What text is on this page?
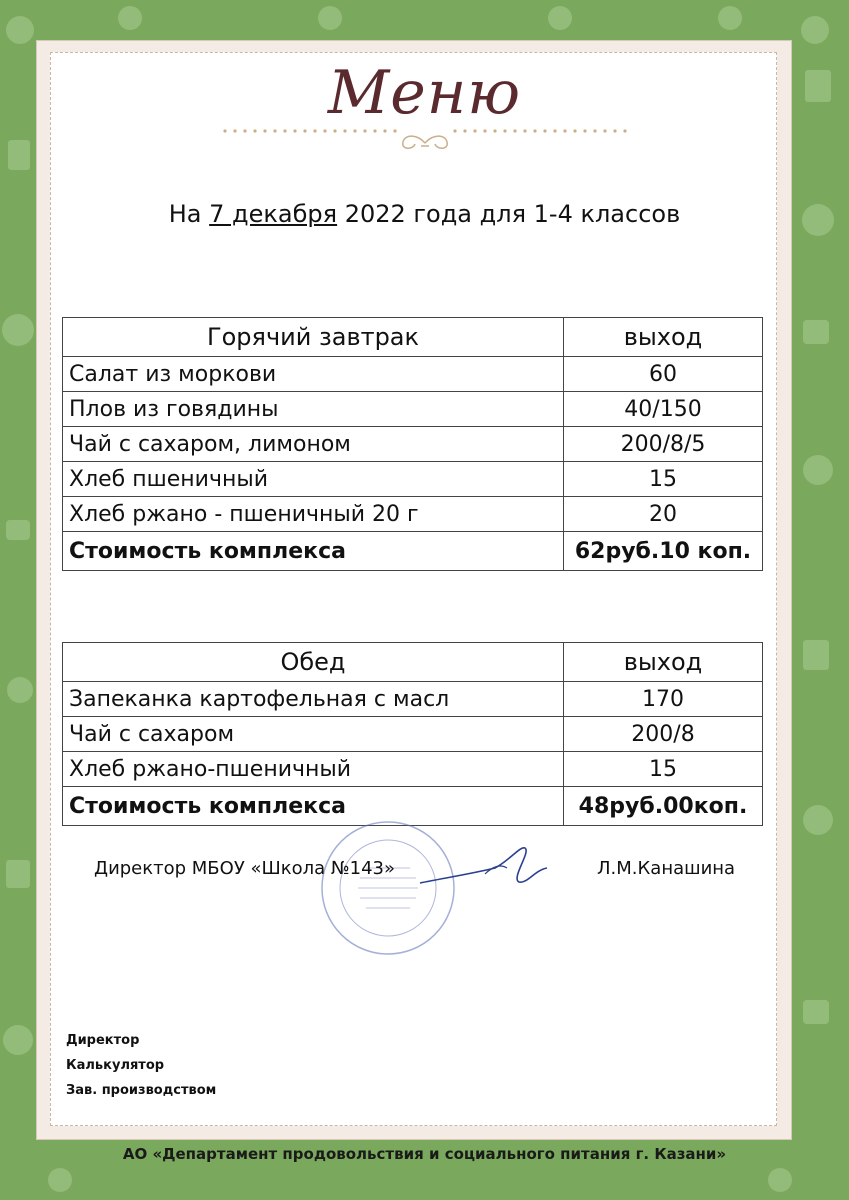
Меню
На 7 декабря 2022 года для 1-4 классов
Горячий завтрак	выход
Салат из моркови	60
Плов из говядины	40/150
Чай с сахаром, лимоном	200/8/5
Хлеб пшеничный	15
Хлеб ржано - пшеничный 20 г	20
Стоимость комплекса	62руб.10 коп.
Обед	выход
Запеканка картофельная с масл	170
Чай с сахаром	200/8
Хлеб ржано-пшеничный	15
Стоимость комплекса	48руб.00коп.
Директор МБОУ «Школа №143»	Л.М.Канашина
Директор
Калькулятор
Зав. производством
АО «Департамент продовольствия и социального питания г. Казани»
